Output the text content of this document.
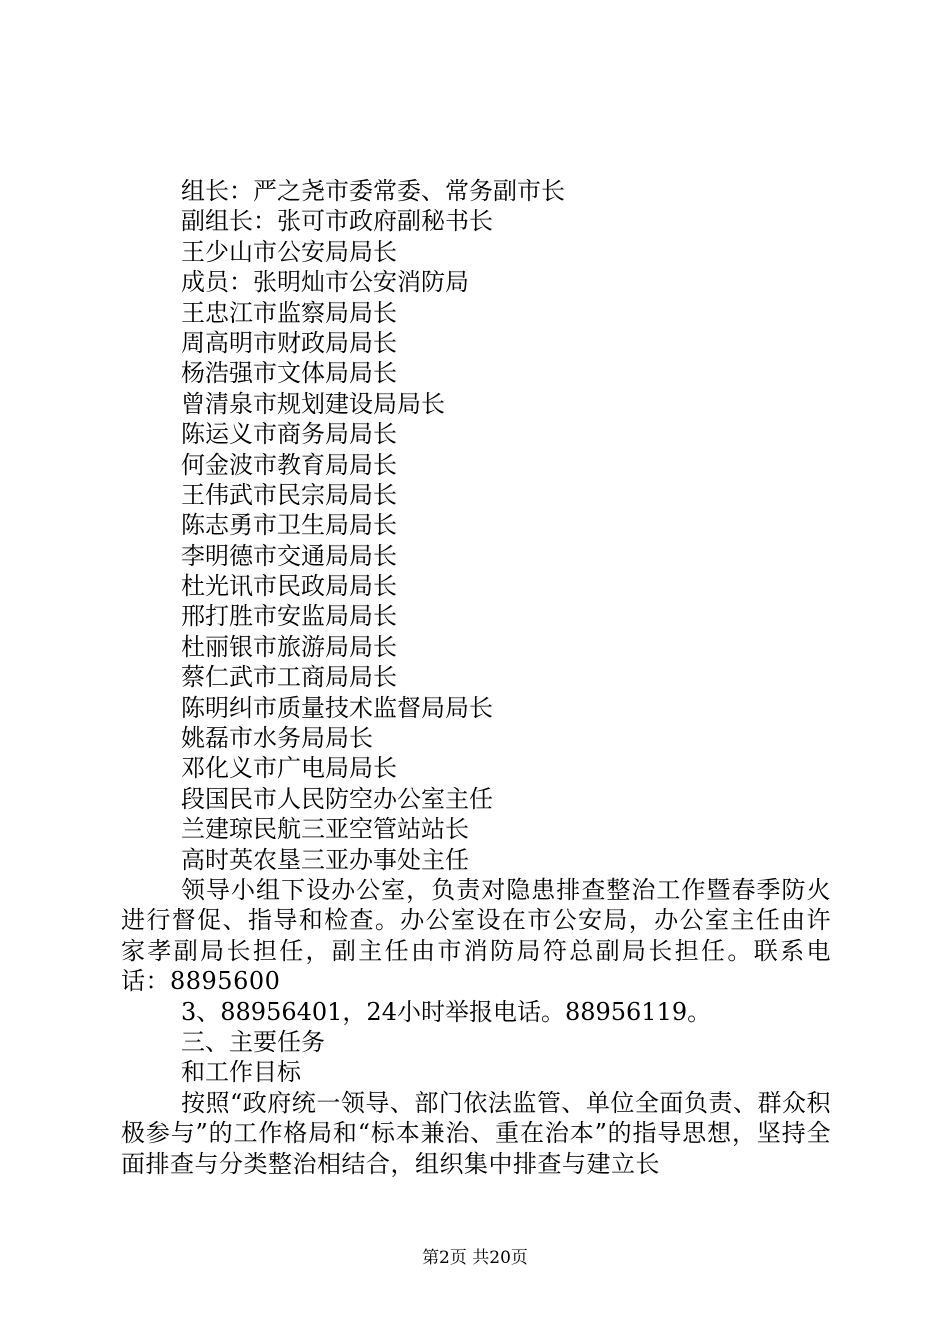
组长：严之尧市委常委、常务副市长
副组长：张可市政府副秘书长
王少山市公安局局长
成员：张明灿市公安消防局
王忠江市监察局局长
周高明市财政局局长
杨浩强市文体局局长
曾清泉市规划建设局局长
陈运义市商务局局长
何金波市教育局局长
王伟武市民宗局局长
陈志勇市卫生局局长
李明德市交通局局长
杜光讯市民政局局长
邢打胜市安监局局长
杜丽银市旅游局局长
蔡仁武市工商局局长
陈明纠市质量技术监督局局长
姚磊市水务局局长
邓化义市广电局局长
段国民市人民防空办公室主任
兰建琼民航三亚空管站站长
高时英农垦三亚办事处主任

领导小组下设办公室，负责对隐患排查整治工作暨春季防火进行督促、指导和检查。办公室设在市公安局，办公室主任由许家孝副局长担任，副主任由市消防局符总副局长担任。联系电话：8895600

3、88956401，24小时举报电话。88956119。
三、主要任务
和工作目标

按照“政府统一领导、部门依法监管、单位全面负责、群众积极参与”的工作格局和“标本兼治、重在治本”的指导思想，坚持全面排查与分类整治相结合，组织集中排查与建立长

第2页 共20页
